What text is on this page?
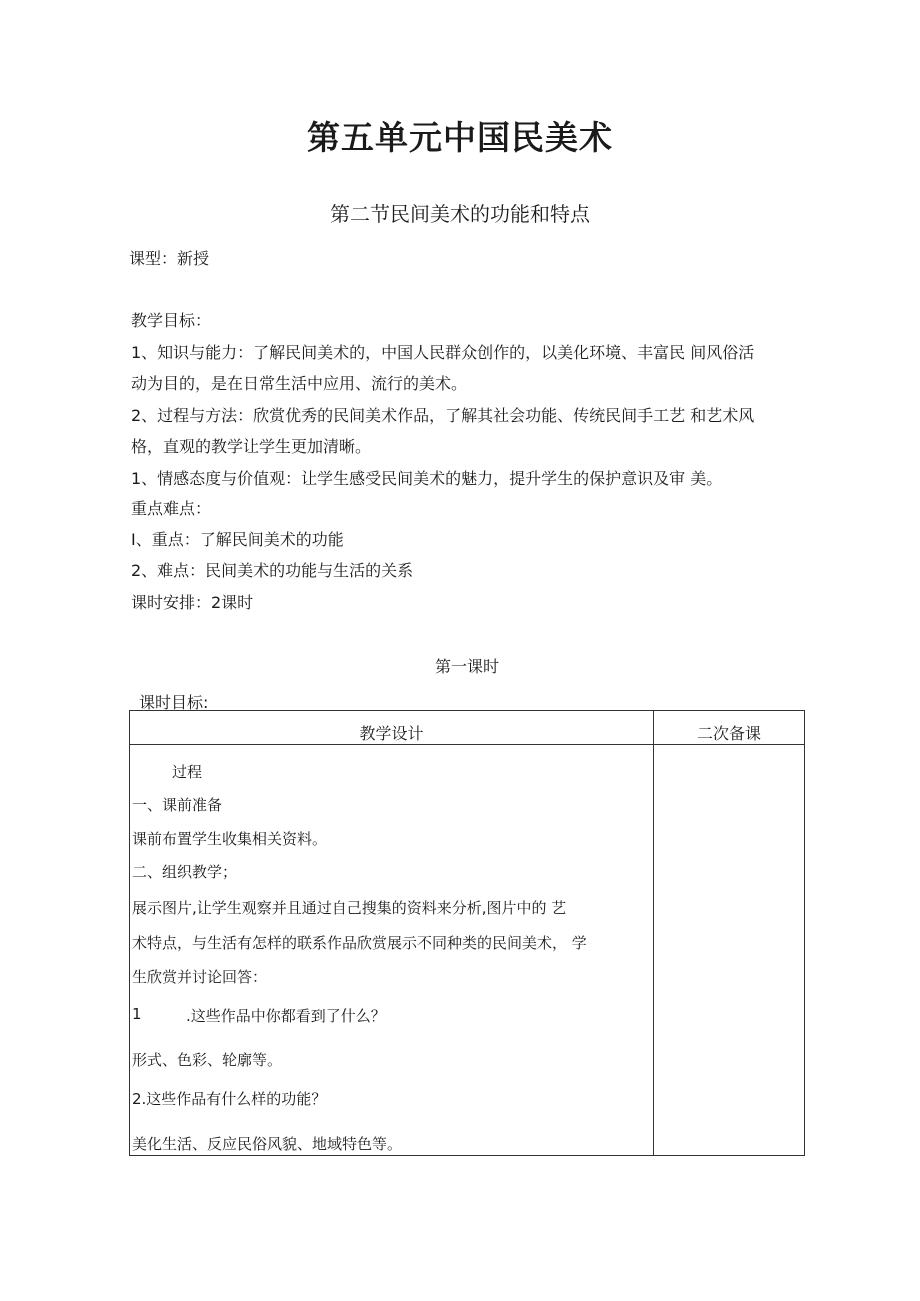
第五单元中国民美术
第二节民间美术的功能和特点
课型：新授
教学目标：
1、知识与能力：了解民间美术的，中国人民群众创作的，以美化环境、丰富民 间风俗活
动为目的，是在日常生活中应用、流行的美术。
2、过程与方法：欣赏优秀的民间美术作品，了解其社会功能、传统民间手工艺 和艺术风
格，直观的教学让学生更加清晰。
1、情感态度与价值观：让学生感受民间美术的魅力，提升学生的保护意识及审 美。
重点难点：
I、重点：了解民间美术的功能
2、难点：民间美术的功能与生活的关系
课时安排：2课时
第一课时
课时目标:
教学设计	二次备课
过程
一、课前准备
课前布置学生收集相关资料。
二、组织教学；
展示图片,让学生观察并且通过自己搜集的资料来分析,图片中的 艺
术特点，与生活有怎样的联系作品欣赏展示不同种类的民间美术， 学
生欣赏并讨论回答：
1	.这些作品中你都看到了什么？
形式、色彩、轮廓等。
2.这些作品有什么样的功能？
美化生活、反应民俗风貌、地域特色等。
